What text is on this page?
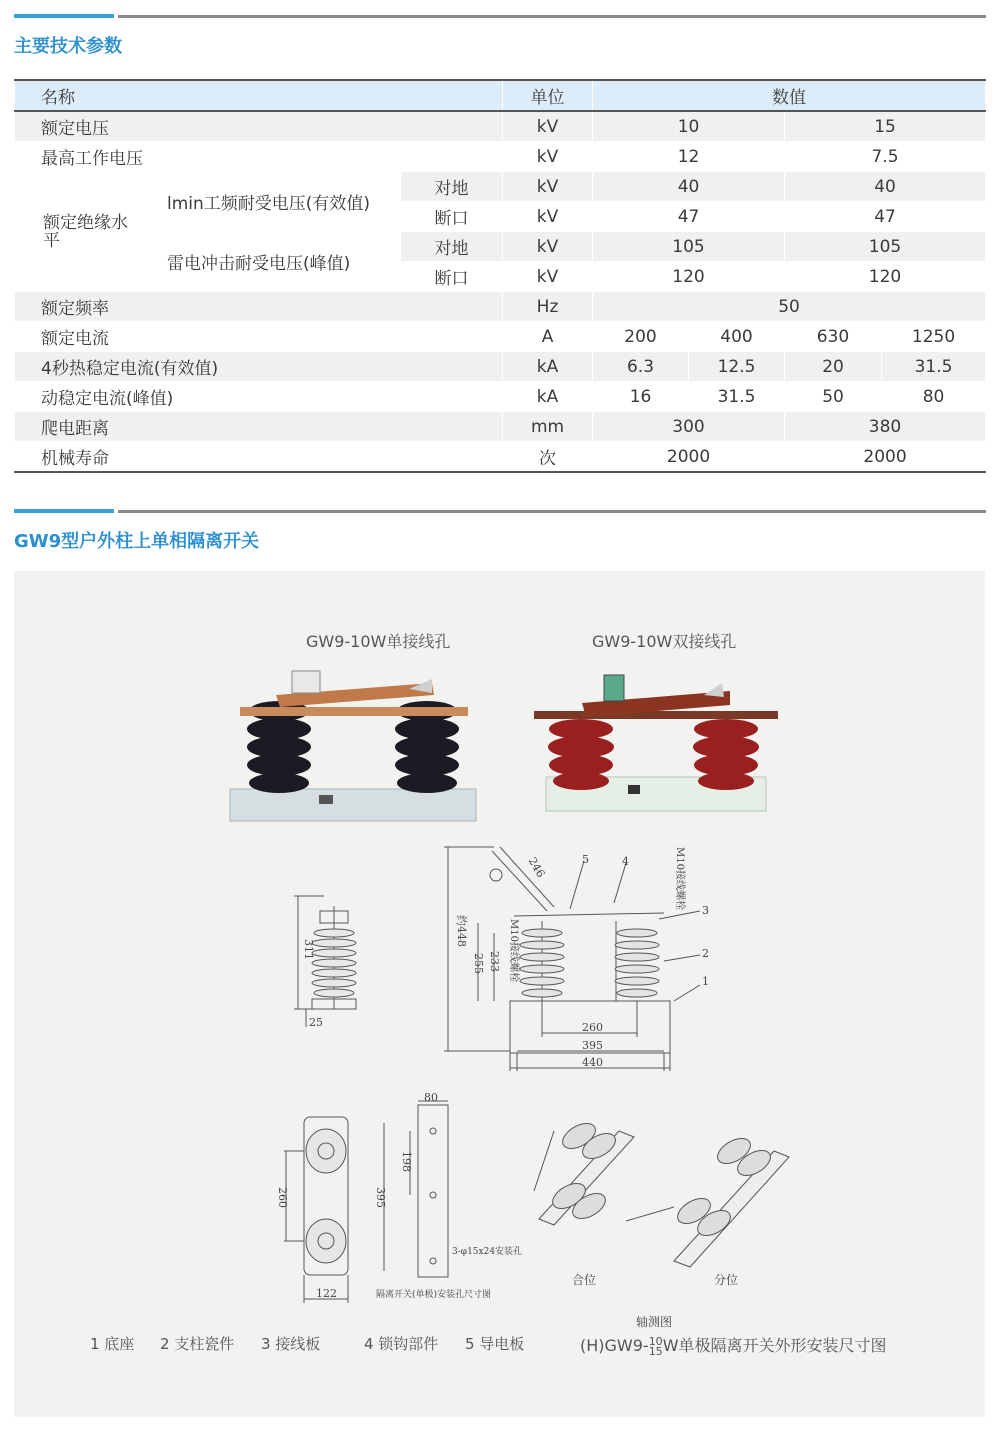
主要技术参数
名称			单位	数值			
额定电压			kV	10		15	
最高工作电压			kV	12		7.5	
额定绝缘水平	lmin工频耐受电压(有效值)	对地	kV	40		40	
		断口	kV	47		47	
	雷电冲击耐受电压(峰值)	对地	kV	105		105	
		断口	kV	120		120	
额定频率			Hz	50			
额定电流			A	200	400	630	1250
4秒热稳定电流(有效值)			kA	6.3	12.5	20	31.5
动稳定电流(峰值)			kA	16	31.5	50	80
爬电距离			mm	300		380	
机械寿命			次	2000		2000	
GW9型户外柱上单相隔离开关
GW9-10W单接线孔	GW9-10W双接线孔
311
25
246
约448
255 233 M10接线螺栓
M10接线螺栓
260
395
440
1
2
3
4
5
260
122
80
198
395
3-φ15x24安装孔
隔离开关(单极)安装孔尺寸图
合位	分位
轴测图
1 底座 2 支柱瓷件 3 接线板	4 锁钩部件 5 导电板	(H)GW9- 10
15 W单极隔离开关外形安装尺寸图
